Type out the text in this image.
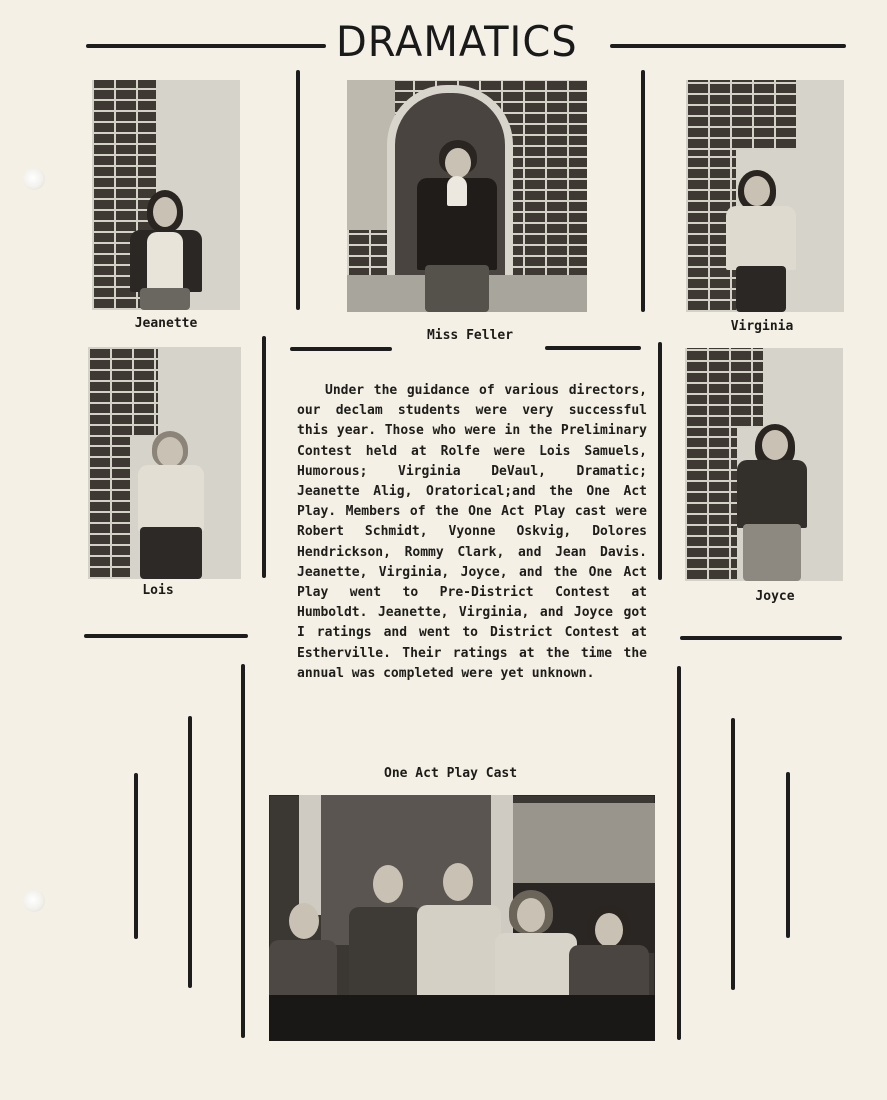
DRAMATICS
Jeanette
Miss Feller
Virginia
Lois	Joyce
Under the guidance of various directors, our declam students were very successful this year. Those who were in the Preliminary Contest held at Rolfe were Lois Samuels, Humorous; Virginia DeVaul, Dramatic; Jeanette Alig, Oratorical;and the One Act Play. Members of the One Act Play cast were Robert Schmidt, Vyonne Oskvig, Dolores Hendrickson, Rommy Clark, and Jean Davis. Jeanette, Virginia, Joyce, and the One Act Play went to Pre-District Contest at Humboldt. Jeanette, Virginia, and Joyce got I ratings and went to District Contest at Estherville. Their ratings at the time the annual was completed were yet unknown.
One Act Play Cast
